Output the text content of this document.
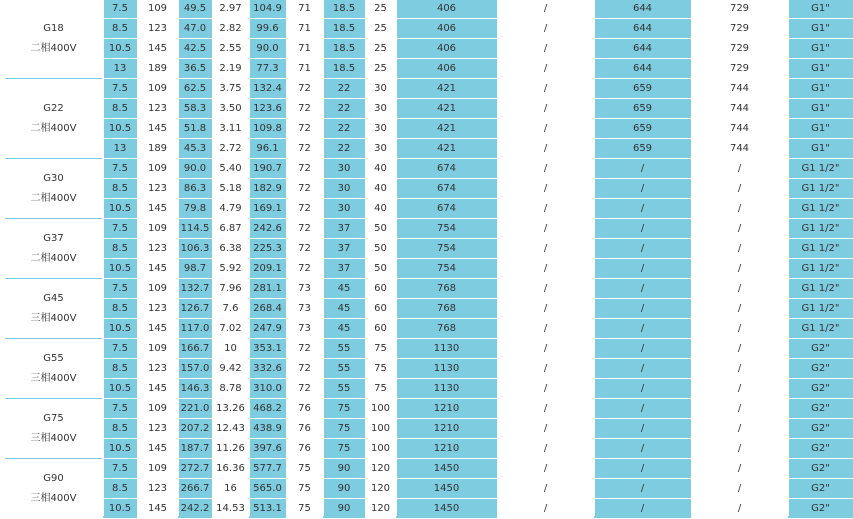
7.5	109	49.5	2.97	104.9	71	18.5	25	406	/	644	729	G1"
8.5	123	47.0	2.82	99.6	71	18.5	25	406	/	644	729	G1"
10.5	145	42.5	2.55	90.0	71	18.5	25	406	/	644	729	G1"
13	189	36.5	2.19	77.3	71	18.5	25	406	/	644	729	G1"
G18
二相400V
7.5	109	62.5	3.75	132.4	72	22	30	421	/	659	744	G1"
8.5	123	58.3	3.50	123.6	72	22	30	421	/	659	744	G1"
10.5	145	51.8	3.11	109.8	72	22	30	421	/	659	744	G1"
13	189	45.3	2.72	96.1	72	22	30	421	/	659	744	G1"
G22
二相400V
7.5	109	90.0	5.40	190.7	72	30	40	674	/	/	/	G1 1/2"
8.5	123	86.3	5.18	182.9	72	30	40	674	/	/	/	G1 1/2"
10.5	145	79.8	4.79	169.1	72	30	40	674	/	/	/	G1 1/2"
G30
二相400V
7.5	109	114.5	6.87	242.6	72	37	50	754	/	/	/	G1 1/2"
8.5	123	106.3	6.38	225.3	72	37	50	754	/	/	/	G1 1/2"
10.5	145	98.7	5.92	209.1	72	37	50	754	/	/	/	G1 1/2"
G37
二相400V
7.5	109	132.7	7.96	281.1	73	45	60	768	/	/	/	G1 1/2"
8.5	123	126.7	7.6	268.4	73	45	60	768	/	/	/	G1 1/2"
10.5	145	117.0	7.02	247.9	73	45	60	768	/	/	/	G1 1/2"
G45
三相400V
7.5	109	166.7	10	353.1	72	55	75	1130	/	/	/	G2"
8.5	123	157.0	9.42	332.6	72	55	75	1130	/	/	/	G2"
10.5	145	146.3	8.78	310.0	72	55	75	1130	/	/	/	G2"
G55
三相400V
7.5	109	221.0 13.26 468.2	76	75	100	1210	/	/	/	G2"
8.5	123	207.2 12.43 438.9	76	75	100	1210	/	/	/	G2"
10.5	145	187.7 11.26 397.6	76	75	100	1210	/	/	/	G2"
G75
三相400V
7.5	109	272.7 16.36 577.7	75	90	120	1450	/	/	/	G2"
8.5	123	266.7	16	565.0	75	90	120	1450	/	/	/	G2"
10.5	145	242.2 14.53 513.1	75	90	120	1450	/	/	/	G2"
G90
三相400V
